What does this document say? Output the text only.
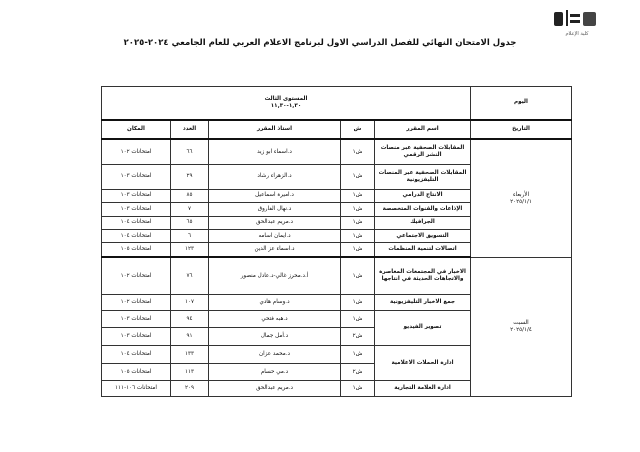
كلية الإعلام
جدول الامتحان النهائي للفصل الدراسي الاول لبرنامج الاعلام العربي للعام الجامعي ٢٠٢٤-٢٠٢٥
اليوم	المستوى الثالث
١,٣٠-١١,٣٠				

التاريخ	اسم المقرر	ش	استاذ المقرر	العدد	المكان

الأربعاء
٢٠٢٥/١/١	المقابلات الصحفية عبر منصات النشر الرقمي	ش١	د.اسماء ابو زيد	٦٦	امتحانات ١٠٢
	المقابلات الصحفية عبر المنصات التليفزيونية	ش١	د.الزهراء رشاد	٢٩	امتحانات ١٠٣
	الانتاج الدرامي	ش١	د.اميرة اسماعيل	٨٥	امتحانات ١٠٣
	الإذاعات والقنوات المتخصصة	ش١	د.نهال الفاروق	٧	امتحانات ١٠٣
	الجرافيك	ش١	د.مريم عبدالحق	٦٥	امتحانات ١٠٤
	التسويق الاجتماعي	ش١	د.ايمان اسامه	٦	امتحانات ١٠٤
	اتصالات لتنمية المنظمات	ش١	د.اسماء عز الدين	١٢٣	امتحانات ١٠٥

السبت
٢٠٢٥/١/٤	الاخبار في المجتمعات المعاصرة والاتجاهات الحديثة في انتاجها	ش١	أ.د.محرز غالي-د.عادل منصور	٧٦	امتحانات ١٠٢
	جمع الاخبار التليفزيونية	ش١	د.وسام هادي	١٠٧	امتحانات ١٠٢
	تصوير الفيديو	ش١	د.هبه فتحي	٩٤	امتحانات ١٠٣
		ش٢	د.أمل جمال	٩١	امتحانات ١٠٣
	ادارة الحملات الاعلامية	ش١	د.محمد عزان	١٣٣	امتحانات ١٠٤
		ش٢	د.مي حسام	١١٣	امتحانات ١٠٥
	ادارة العلامة التجارية	ش١	د.مريم عبدالحق	٢٠٩	امتحانات ١٠٦-١١١
